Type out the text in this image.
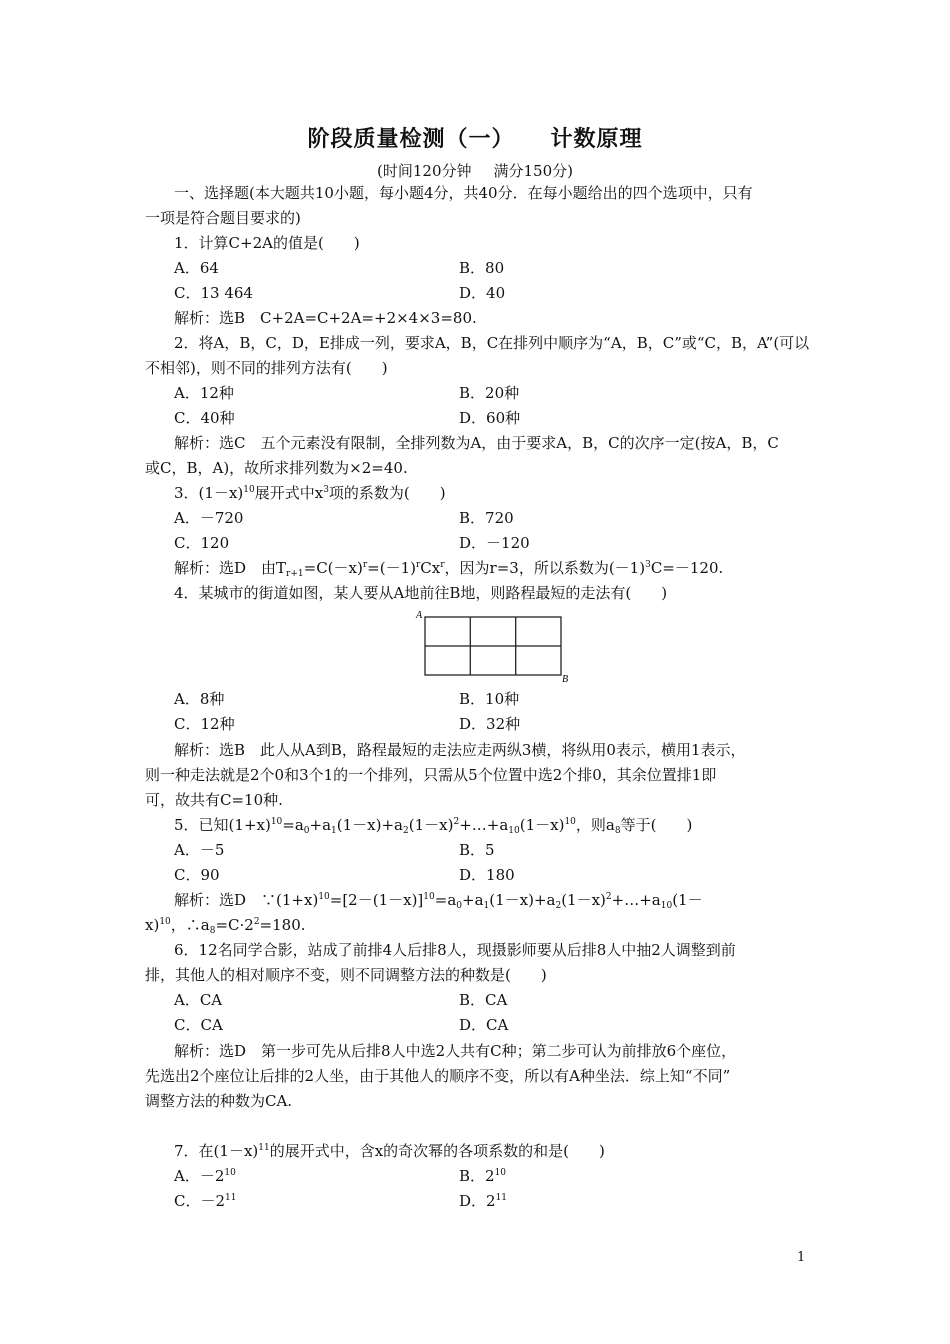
阶段质量检测（一） 计数原理
(时间120分钟 满分150分)
一、选择题(本大题共10小题，每小题4分，共40分．在每小题给出的四个选项中，只有
一项是符合题目要求的)
1．计算C+2A的值是(　　)
A．64	B．80
C．13 464	D．40
解析：选B　C+2A=C+2A=+2×4×3=80.
2．将A，B，C，D，E排成一列，要求A，B，C在排列中顺序为“A，B，C”或“C，B，A”(可以
不相邻)，则不同的排列方法有(　　)
A．12种	B．20种
C．40种	D．60种
解析：选C　五个元素没有限制，全排列数为A，由于要求A，B，C的次序一定(按A，B，C
或C，B，A)，故所求排列数为×2=40.
3．$(1-x)^{10}$展开式中$x^3$项的系数为(　　)
A．－720	B．720
C．120	D．－120
解析：选D　由$T_{r+1}=C(-x)^r=(-1)^rCx^r$，因为r=3，所以系数为$(-1)^3C=-120$.
4．某城市的街道如图，某人要从A地前往B地，则路程最短的走法有(　　)
A
B
A．8种	B．10种
C．12种	D．32种
解析：选B　此人从A到B，路程最短的走法应走两纵3横，将纵用0表示，横用1表示，
则一种走法就是2个0和3个1的一个排列，只需从5个位置中选2个排0，其余位置排1即
可，故共有C=10种.
5．已知$(1+x)^{10}=a_0+a_1(1-x)+a_2(1-x)^2+\dots+a_{10}(1-x)^{10}$，则$a_8$等于(　　)
A．－5	B．5
C．90	D．180
解析：选D　$\because(1+x)^{10}=[2-(1-x)]^{10}=a_0+a_1(1-x)+a_2(1-x)^2+\dots+a_{10}(1-$
x)$^{10}$，$\therefore a_8=C\cdot 2^2=180$.
6．12名同学合影，站成了前排4人后排8人，现摄影师要从后排8人中抽2人调整到前
排，其他人的相对顺序不变，则不同调整方法的种数是(　　)
A．CA	B．CA
C．CA	D．CA
解析：选D　第一步可先从后排8人中选2人共有C种；第二步可认为前排放6个座位，
先选出2个座位让后排的2人坐，由于其他人的顺序不变，所以有A种坐法．综上知“不同”
调整方法的种数为CA.
7．在$(1-x)^{11}$的展开式中，含x的奇次幂的各项系数的和是(　　)
A．$-2^{10}$	B．$2^{10}$
C．$-2^{11}$	D．$2^{11}$
1
